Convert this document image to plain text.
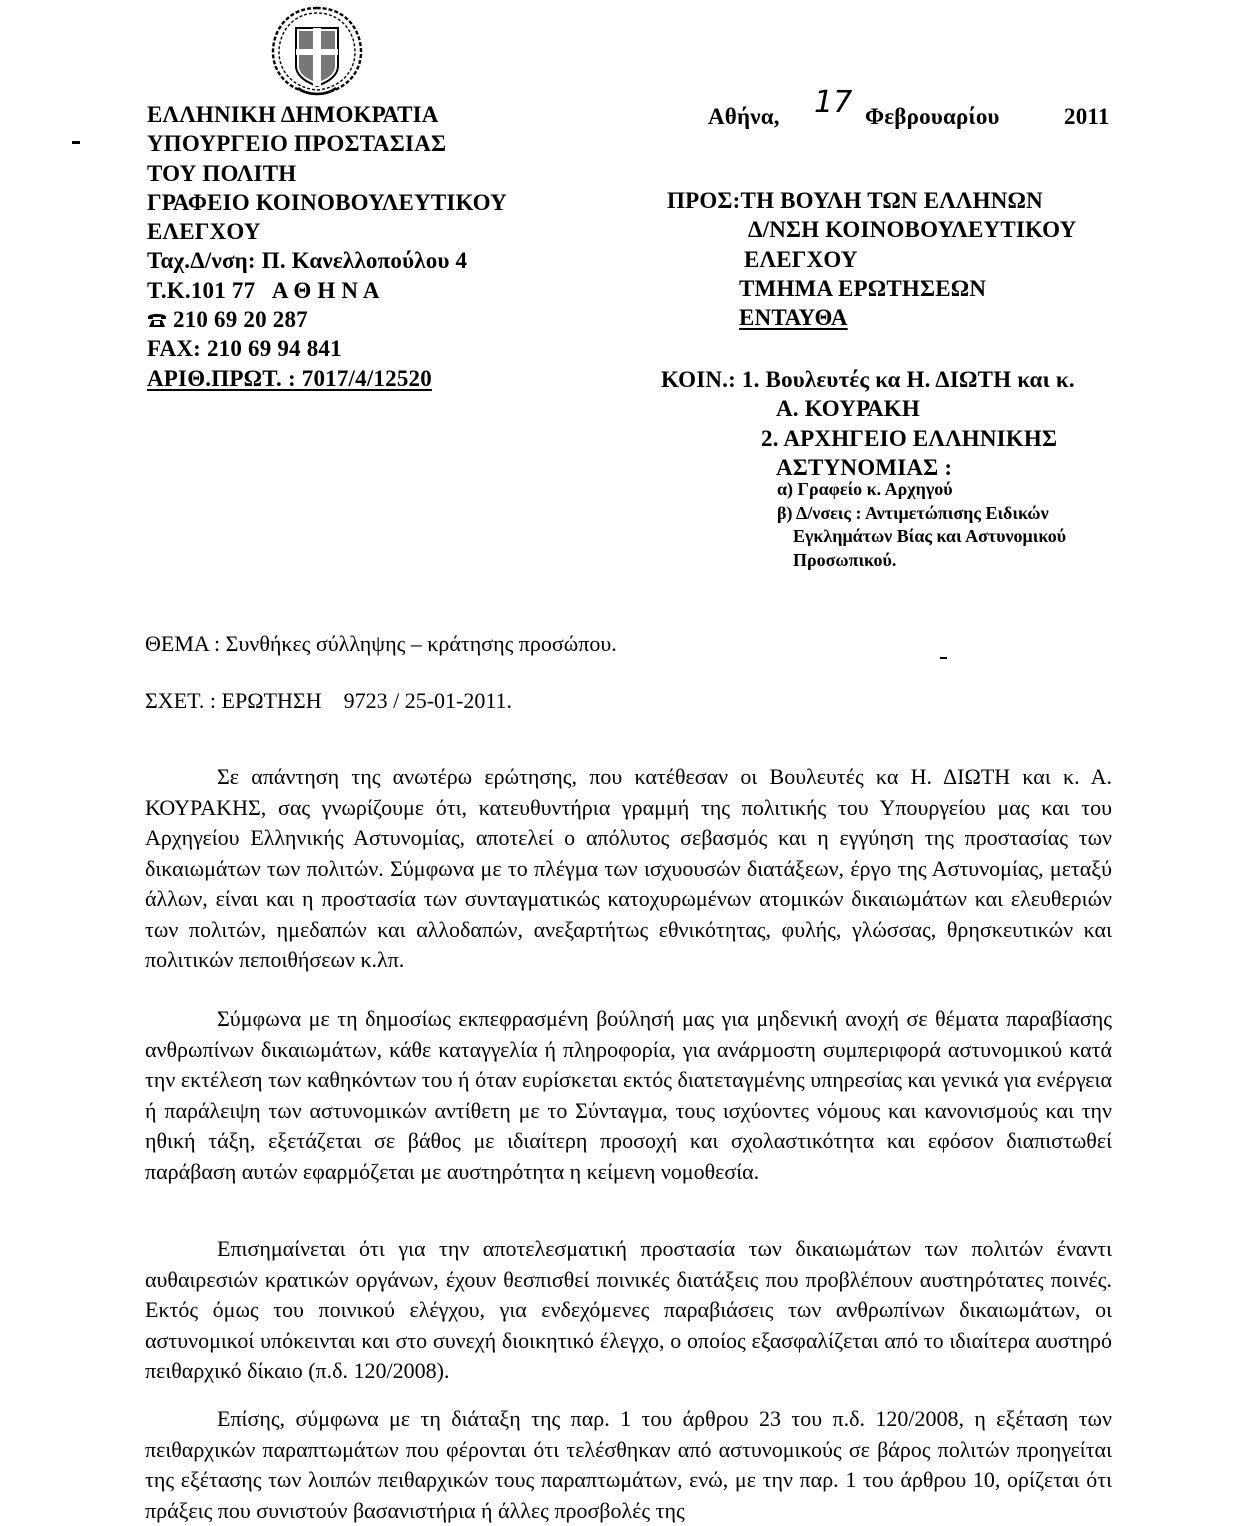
ΕΛΛΗΝΙΚΗ ΔΗΜΟΚΡΑΤΙΑ
ΥΠΟΥΡΓΕΙΟ ΠΡΟΣΤΑΣΙΑΣ
ΤΟΥ ΠΟΛΙΤΗ
ΓΡΑΦΕΙΟ ΚΟΙΝΟΒΟΥΛΕΥΤΙΚΟΥ
ΕΛΕΓΧΟΥ
Ταχ.Δ/νση: Π. Κανελλοπούλου 4
Τ.Κ.101 77   Α Θ Η Ν Α
210 69 20 287
FAX: 210 69 94 841
ΑΡΙΘ.ΠΡΩΤ. : 7017/4/12520
Αθήνα, 17 Φεβρουαρίου	2011
ΠΡΟΣ:ΤΗ ΒΟΥΛΗ ΤΩΝ ΕΛΛΗΝΩΝ
Δ/ΝΣΗ ΚΟΙΝΟΒΟΥΛΕΥΤΙΚΟΥ
ΕΛΕΓΧΟΥ
ΤΜΗΜΑ ΕΡΩΤΗΣΕΩΝ
ΕΝΤΑΥΘΑ
ΚΟΙΝ.: 1. Βουλευτές κα Η. ΔΙΩΤΗ και κ.
Α. ΚΟΥΡΑΚΗ
2. ΑΡΧΗΓΕΙΟ ΕΛΛΗΝΙΚΗΣ
ΑΣΤΥΝΟΜΙΑΣ :
α) Γραφείο κ. Αρχηγού
β) Δ/νσεις : Αντιμετώπισης Ειδικών
Εγκλημάτων Βίας και Αστυνομικού
Προσωπικού.
ΘΕΜΑ : Συνθήκες σύλληψης – κράτησης προσώπου.
ΣΧΕΤ. : ΕΡΩΤΗΣΗ    9723 / 25-01-2011.
Σε απάντηση της ανωτέρω ερώτησης, που κατέθεσαν οι Βουλευτές κα Η. ΔΙΩΤΗ και κ. Α. ΚΟΥΡΑΚΗΣ, σας γνωρίζουμε ότι, κατευθυντήρια γραμμή της πολιτικής του Υπουργείου μας και του Αρχηγείου Ελληνικής Αστυνομίας, αποτελεί ο απόλυτος σεβασμός και η εγγύηση της προστασίας των δικαιωμάτων των πολιτών. Σύμφωνα με το πλέγμα των ισχυουσών διατάξεων, έργο της Αστυνομίας, μεταξύ άλλων, είναι και η προστασία των συνταγματικώς κατοχυρωμένων ατομικών δικαιωμάτων και ελευθεριών των πολιτών, ημεδαπών και αλλοδαπών, ανεξαρτήτως εθνικότητας, φυλής, γλώσσας, θρησκευτικών και πολιτικών πεποιθήσεων κ.λπ.
Σύμφωνα με τη δημοσίως εκπεφρασμένη βούλησή μας για μηδενική ανοχή σε θέματα παραβίασης ανθρωπίνων δικαιωμάτων, κάθε καταγγελία ή πληροφορία, για ανάρμοστη συμπεριφορά αστυνομικού κατά την εκτέλεση των καθηκόντων του ή όταν ευρίσκεται εκτός διατεταγμένης υπηρεσίας και γενικά για ενέργεια ή παράλειψη των αστυνομικών αντίθετη με το Σύνταγμα, τους ισχύοντες νόμους και κανονισμούς και την ηθική τάξη, εξετάζεται σε βάθος με ιδιαίτερη προσοχή και σχολαστικότητα και εφόσον διαπιστωθεί παράβαση αυτών εφαρμόζεται με αυστηρότητα η κείμενη νομοθεσία.
Επισημαίνεται ότι για την αποτελεσματική προστασία των δικαιωμάτων των πολιτών έναντι αυθαιρεσιών κρατικών οργάνων, έχουν θεσπισθεί ποινικές διατάξεις που προβλέπουν αυστηρότατες ποινές. Εκτός όμως του ποινικού ελέγχου, για ενδεχόμενες παραβιάσεις των ανθρωπίνων δικαιωμάτων, οι αστυνομικοί υπόκεινται και στο συνεχή διοικητικό έλεγχο, ο οποίος εξασφαλίζεται από το ιδιαίτερα αυστηρό πειθαρχικό δίκαιο (π.δ. 120/2008).
Επίσης, σύμφωνα με τη διάταξη της παρ. 1 του άρθρου 23 του π.δ. 120/2008, η εξέταση των πειθαρχικών παραπτωμάτων που φέρονται ότι τελέσθηκαν από αστυνομικούς σε βάρος πολιτών προηγείται της εξέτασης των λοιπών πειθαρχικών τους παραπτωμάτων, ενώ, με την παρ. 1 του άρθρου 10, ορίζεται ότι πράξεις που συνιστούν βασανιστήρια ή άλλες προσβολές της
